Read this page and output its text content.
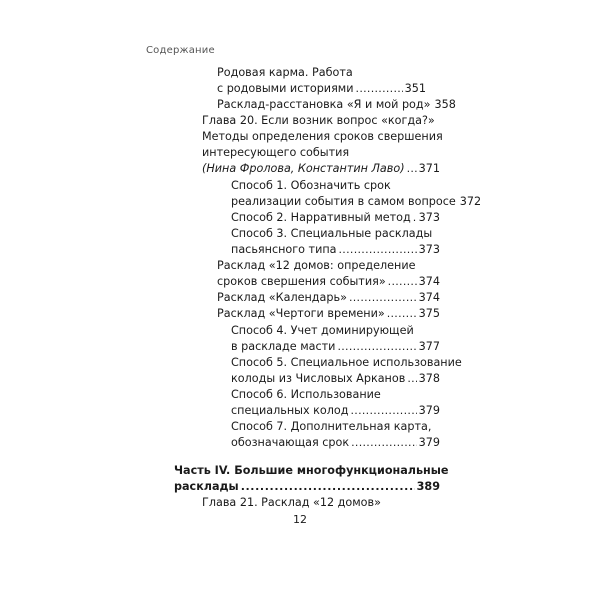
Содержание
Родовая карма. Работа
с родовыми историями . . .	351
Расклад-расстановка «Я и мой род» 358
Глава 20. Если возник вопрос «когда?»
Методы определения сроков свершения
интересующего события
(Нина Фролова, Константин Лаво) . . . 371
Способ 1. Обозначить срок
реализации события в самом вопросе 372
Способ 2. Нарративный метод . . . 373
Способ 3. Специальные расклады
пасьянсного типа . . .	373
Расклад «12 домов: определение
сроков свершения события» . . .	374
Расклад «Календарь» . . .	374
Расклад «Чертоги времени» . . .	375
Способ 4. Учет доминирующей
в раскладе масти . . .	377
Способ 5. Специальное использование
колоды из Числовых Арканов . . . 378
Способ 6. Использование
специальных колод . . .	379
Способ 7. Дополнительная карта,
обозначающая срок . . .	379
Часть IV. Большие многофункциональные
расклады . . .	389
Глава 21. Расклад «12 домов»
12
